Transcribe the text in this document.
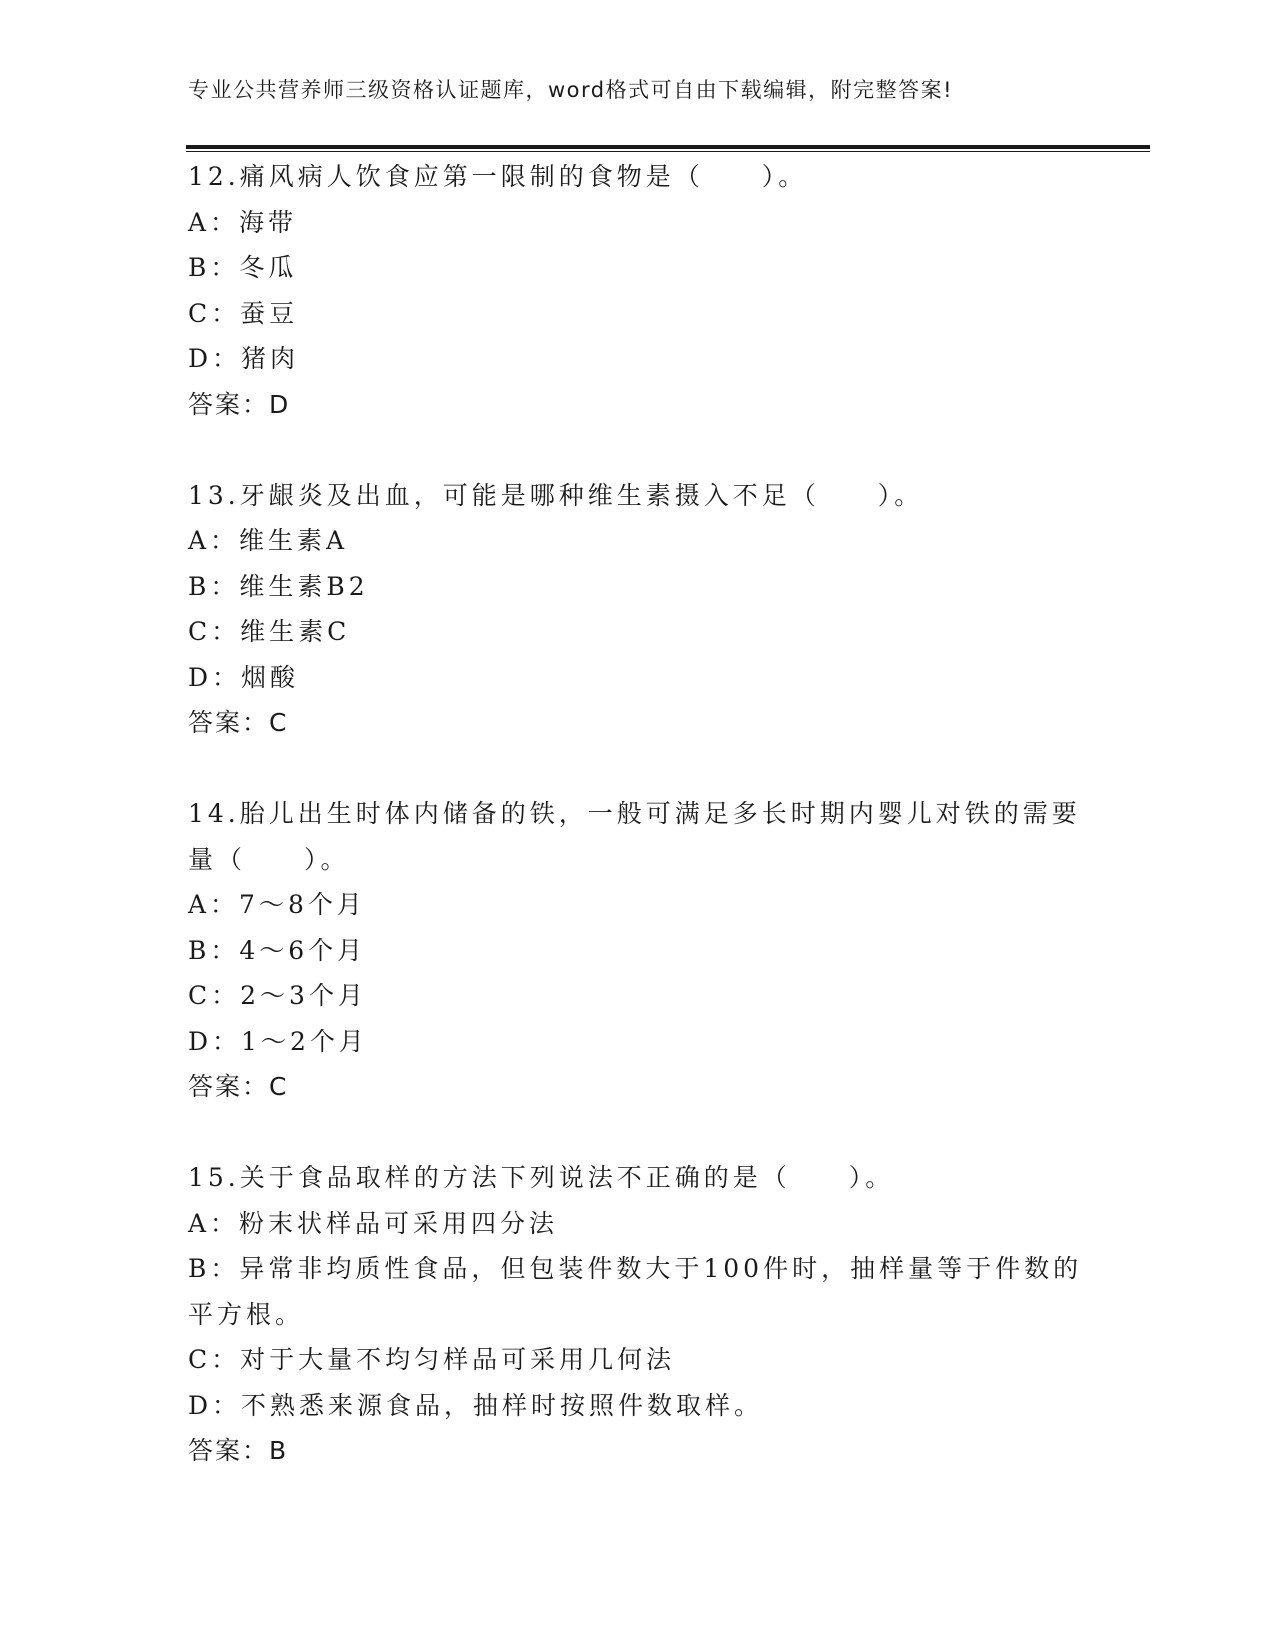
专业公共营养师三级资格认证题库，word格式可自由下载编辑，附完整答案!
12.痛风病人饮食应第一限制的食物是（　　）。
A：海带
B：冬瓜
C：蚕豆
D：猪肉
答案：D
13.牙龈炎及出血，可能是哪种维生素摄入不足（　　）。
A：维生素A
B：维生素B2
C：维生素C
D：烟酸
答案：C
14.胎儿出生时体内储备的铁，一般可满足多长时期内婴儿对铁的需要
量（　　）。
A：7～8个月
B：4～6个月
C：2～3个月
D：1～2个月
答案：C
15.关于食品取样的方法下列说法不正确的是（　　）。
A：粉末状样品可采用四分法
B：异常非均质性食品，但包装件数大于100件时，抽样量等于件数的
平方根。
C：对于大量不均匀样品可采用几何法
D：不熟悉来源食品，抽样时按照件数取样。
答案：B
